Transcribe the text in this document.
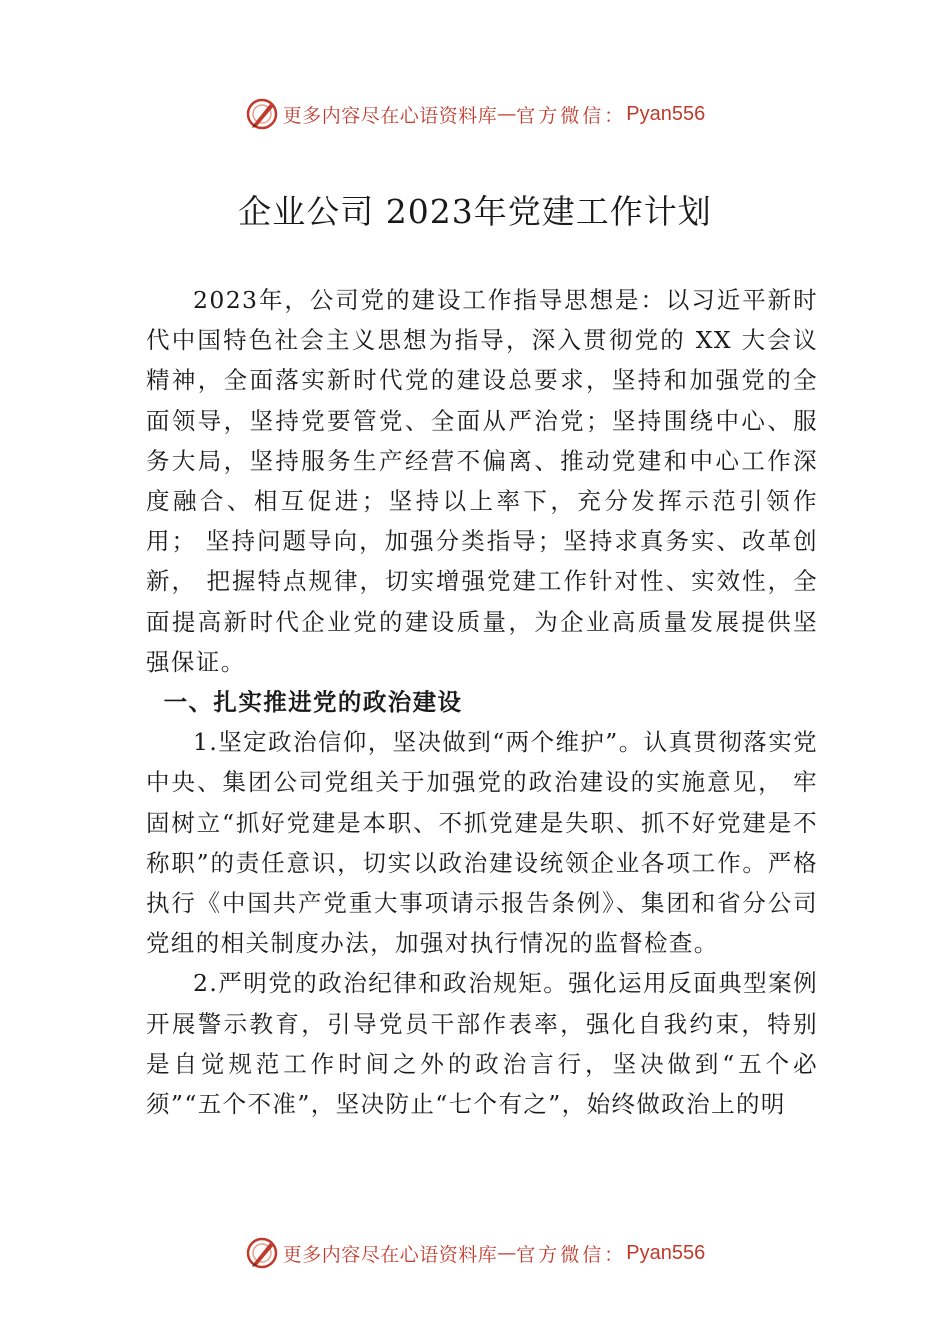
更多内容尽在心语资料库 — 官方微信： Pyan556
企业公司 2023年党建工作计划

2023年，公司党的建设工作指导思想是：以习近平新时代中国特色社会主义思想为指导，深入贯彻党的 XX 大会议精神，全面落实新时代党的建设总要求，坚持和加强党的全面领导，坚持党要管党、全面从严治党；坚持围绕中心、服务大局，坚持服务生产经营不偏离、推动党建和中心工作深度融合、相互促进；坚持以上率下，充分发挥示范引领作用； 坚持问题导向，加强分类指导；坚持求真务实、改革创新， 把握特点规律，切实增强党建工作针对性、实效性，全面提高新时代企业党的建设质量，为企业高质量发展提供坚强保证。

一、扎实推进党的政治建设

1.坚定政治信仰，坚决做到“两个维护”。认真贯彻落实党中央、集团公司党组关于加强党的政治建设的实施意见， 牢固树立“抓好党建是本职、不抓党建是失职、抓不好党建是不称职”的责任意识，切实以政治建设统领企业各项工作。严格执行《中国共产党重大事项请示报告条例》、集团和省分公司党组的相关制度办法，加强对执行情况的监督检查。

2.严明党的政治纪律和政治规矩。强化运用反面典型案例开展警示教育，引导党员干部作表率，强化自我约束，特别是自觉规范工作时间之外的政治言行，坚决做到“五个必须”“五个不准”，坚决防止“七个有之”，始终做政治上的明

更多内容尽在心语资料库 — 官方微信： Pyan556
